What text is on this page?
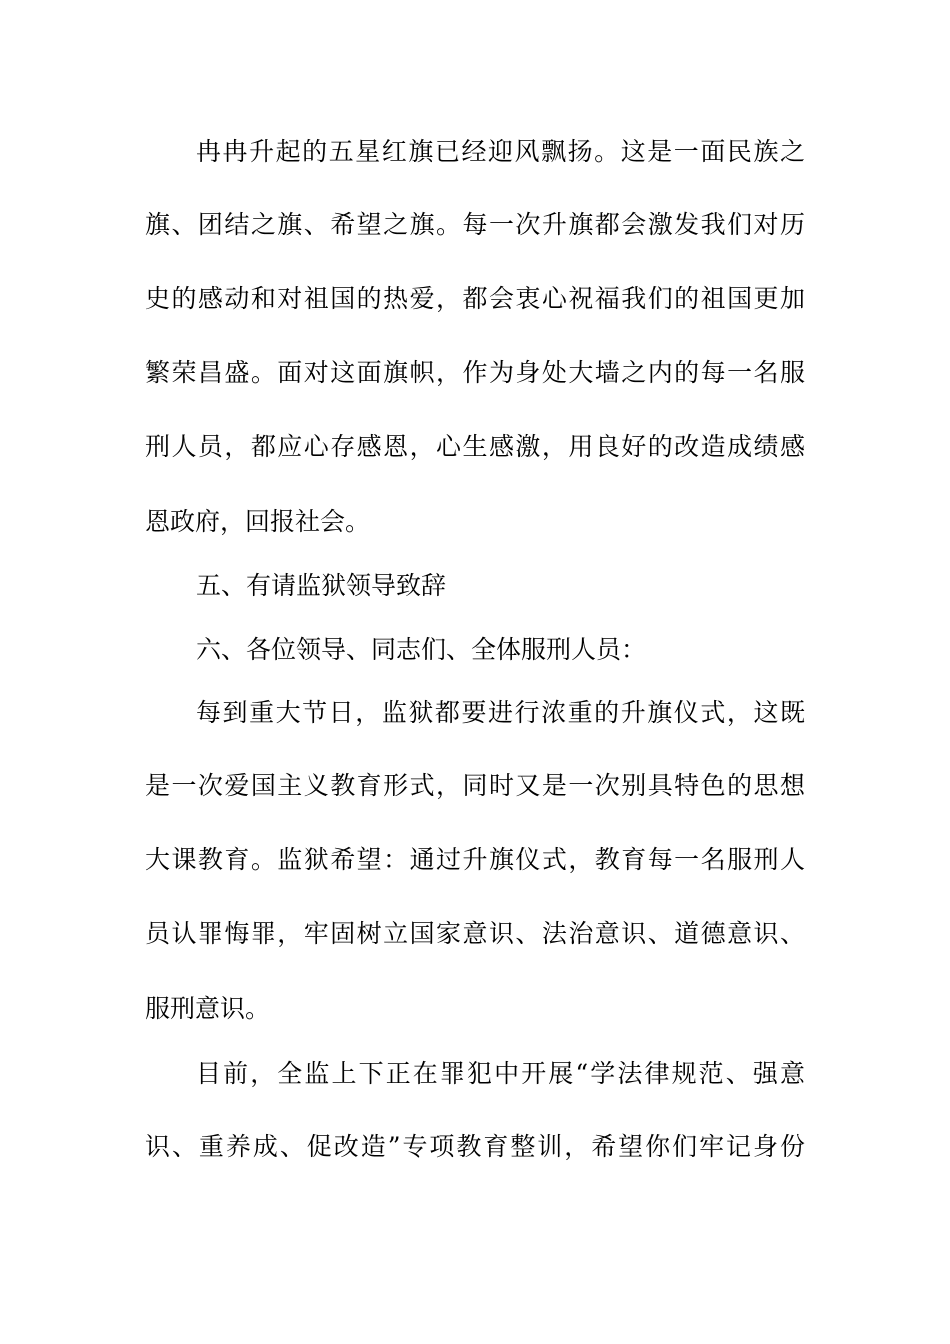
冉冉升起的五星红旗已经迎风飘扬。这是一面民族之
旗、团结之旗、希望之旗。每一次升旗都会激发我们对历
史的感动和对祖国的热爱，都会衷心祝福我们的祖国更加
繁荣昌盛。面对这面旗帜，作为身处大墙之内的每一名服
刑人员，都应心存感恩，心生感激，用良好的改造成绩感
恩政府，回报社会。
五、有请监狱领导致辞
六、各位领导、同志们、全体服刑人员：
每到重大节日，监狱都要进行浓重的升旗仪式，这既
是一次爱国主义教育形式，同时又是一次别具特色的思想
大课教育。监狱希望：通过升旗仪式，教育每一名服刑人
员认罪悔罪，牢固树立国家意识、法治意识、道德意识、
服刑意识。
目前，全监上下正在罪犯中开展“学法律规范、强意
识、重养成、促改造”专项教育整训，希望你们牢记身份
